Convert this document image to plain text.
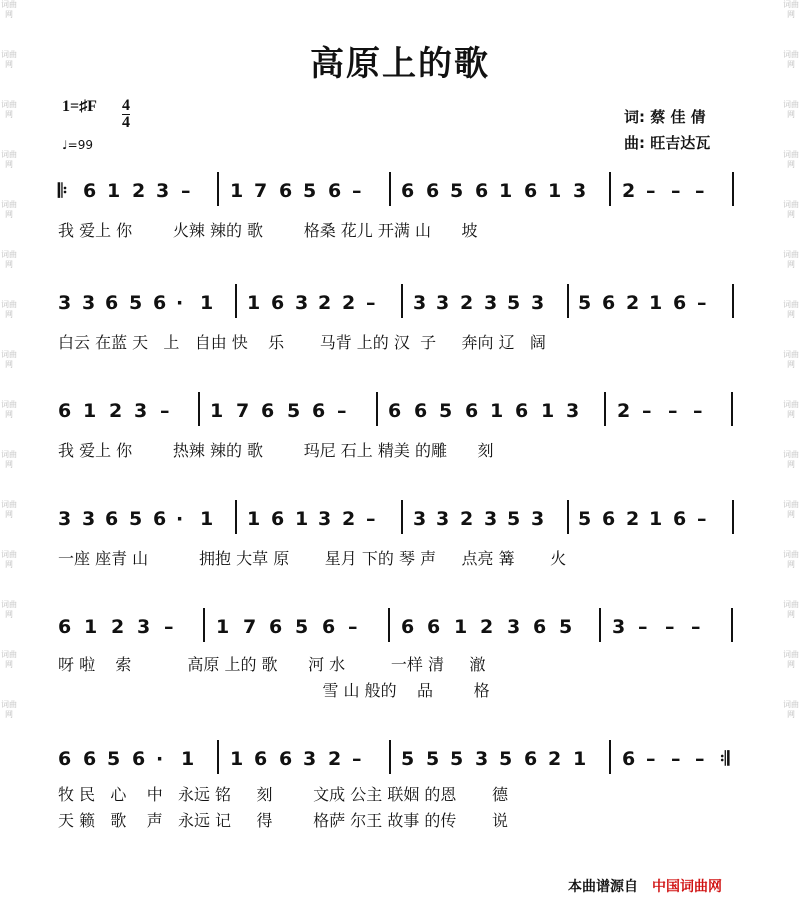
词曲网
词曲网
词曲网
词曲网
词曲网
词曲网
词曲网
词曲网
词曲网
词曲网
词曲网
词曲网
词曲网
词曲网
词曲网
词曲网
词曲网
词曲网
词曲网
词曲网
词曲网
词曲网
词曲网
词曲网
词曲网
词曲网
词曲网
词曲网
词曲网
词曲网
高原上的歌
1=♯F 4
4
♩=99
词: 蔡 佳 倩
曲: 旺吉达瓦
𝄆 6 1 2 3 – 1 7 6 5 6 – 6 6 5 6 1 6 1 3 2 – – –
我 爱上 你        火辣 辣的 歌        格桑 花儿 开满 山      坡
3 3 6 5 6 · 1 1 6 3 2 2 – 3 3 2 3 5 3 5 6 2 1 6 –
白云 在蓝 天   上   自由 快    乐       马背 上的 汉  子     奔向 辽   阔
6 1 2 3 – 1 7 6 5 6 – 6 6 5 6 1 6 1 3 2 – – –
我 爱上 你        热辣 辣的 歌        玛尼 石上 精美 的雕      刻
3 3 6 5 6 · 1 1 6 1 3 2 – 3 3 2 3 5 3 5 6 2 1 6 –
一座 座青 山          拥抱 大草 原       星月 下的 琴 声     点亮 篝       火
6 1 2 3 – 1 7 6 5 6 – 6 6 1 2 3 6 5 3 – – –
呀 啦    索           高原 上的 歌      河 水         一样 清     澈
雪 山 般的    品        格
6 6 5 6 · 1 1 6 6 3 2 – 5 5 5 3 5 6 2 1 6 – – – 𝄇
牧 民   心    中   永远 铭     刻        文成 公主 联姻 的恩       德
天 籁   歌    声   永远 记     得        格萨 尔王 故事 的传       说
本曲谱源自 中国词曲网
